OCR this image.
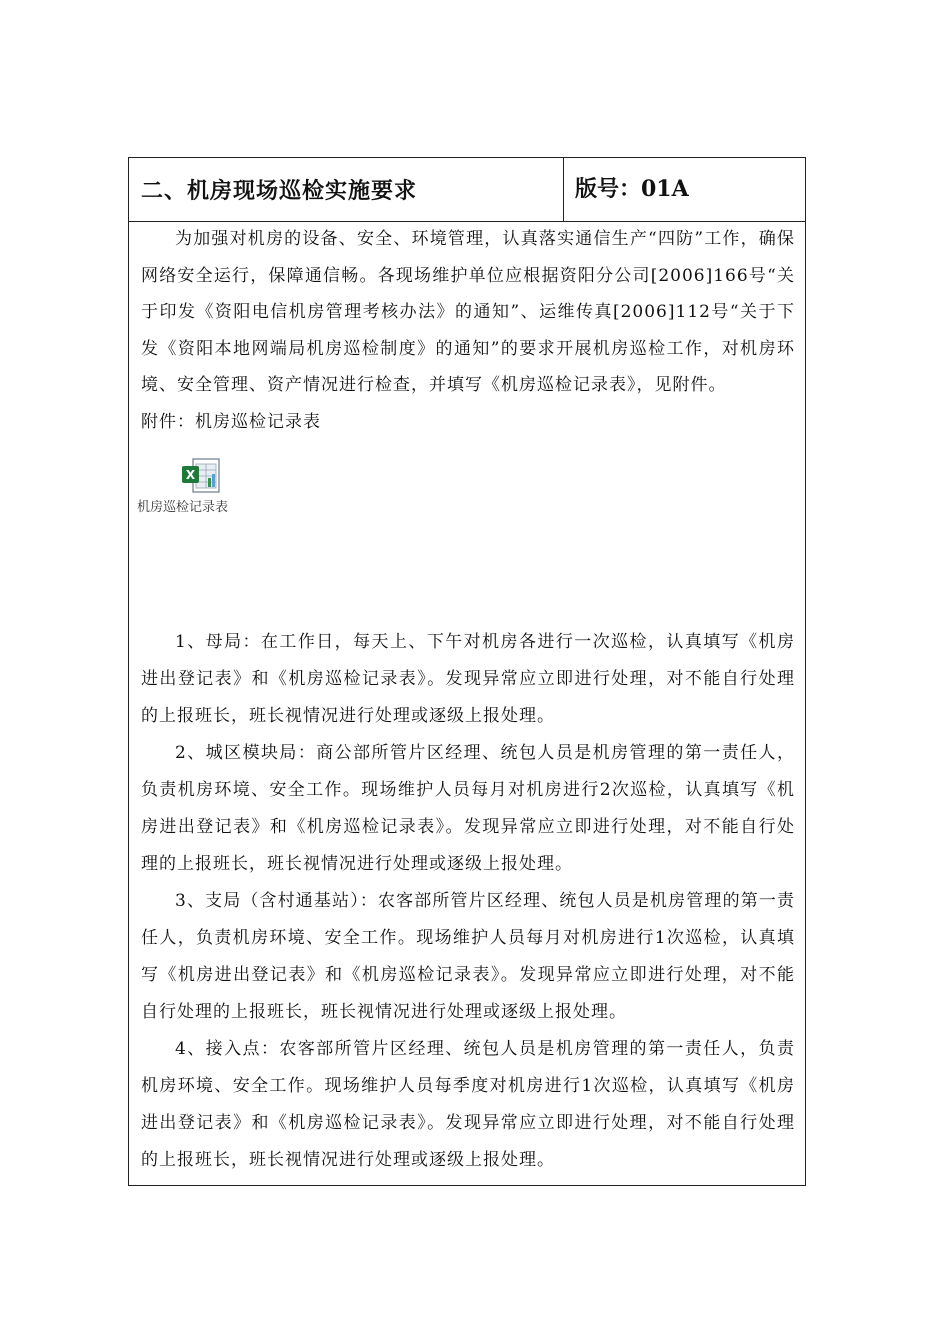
二、机房现场巡检实施要求	版号：01A

为加强对机房的设备、安全、环境管理，认真落实通信生产“四防”工作，确保网络安全运行，保障通信畅。各现场维护单位应根据资阳分公司[2006]166号“关于印发《资阳电信机房管理考核办法》的通知”、运维传真[2006]112号“关于下发《资阳本地网端局机房巡检制度》的通知”的要求开展机房巡检工作，对机房环境、安全管理、资产情况进行检查，并填写《机房巡检记录表》，见附件。

附件：机房巡检记录表

X
机房巡检记录表

1、母局：在工作日，每天上、下午对机房各进行一次巡检，认真填写《机房进出登记表》和《机房巡检记录表》。发现异常应立即进行处理，对不能自行处理的上报班长，班长视情况进行处理或逐级上报处理。

2、城区模块局：商公部所管片区经理、统包人员是机房管理的第一责任人，负责机房环境、安全工作。现场维护人员每月对机房进行2次巡检，认真填写《机房进出登记表》和《机房巡检记录表》。发现异常应立即进行处理，对不能自行处理的上报班长，班长视情况进行处理或逐级上报处理。

3、支局（含村通基站）：农客部所管片区经理、统包人员是机房管理的第一责任人，负责机房环境、安全工作。现场维护人员每月对机房进行1次巡检，认真填写《机房进出登记表》和《机房巡检记录表》。发现异常应立即进行处理，对不能自行处理的上报班长，班长视情况进行处理或逐级上报处理。

4、接入点：农客部所管片区经理、统包人员是机房管理的第一责任人，负责机房环境、安全工作。现场维护人员每季度对机房进行1次巡检，认真填写《机房进出登记表》和《机房巡检记录表》。发现异常应立即进行处理，对不能自行处理的上报班长，班长视情况进行处理或逐级上报处理。
